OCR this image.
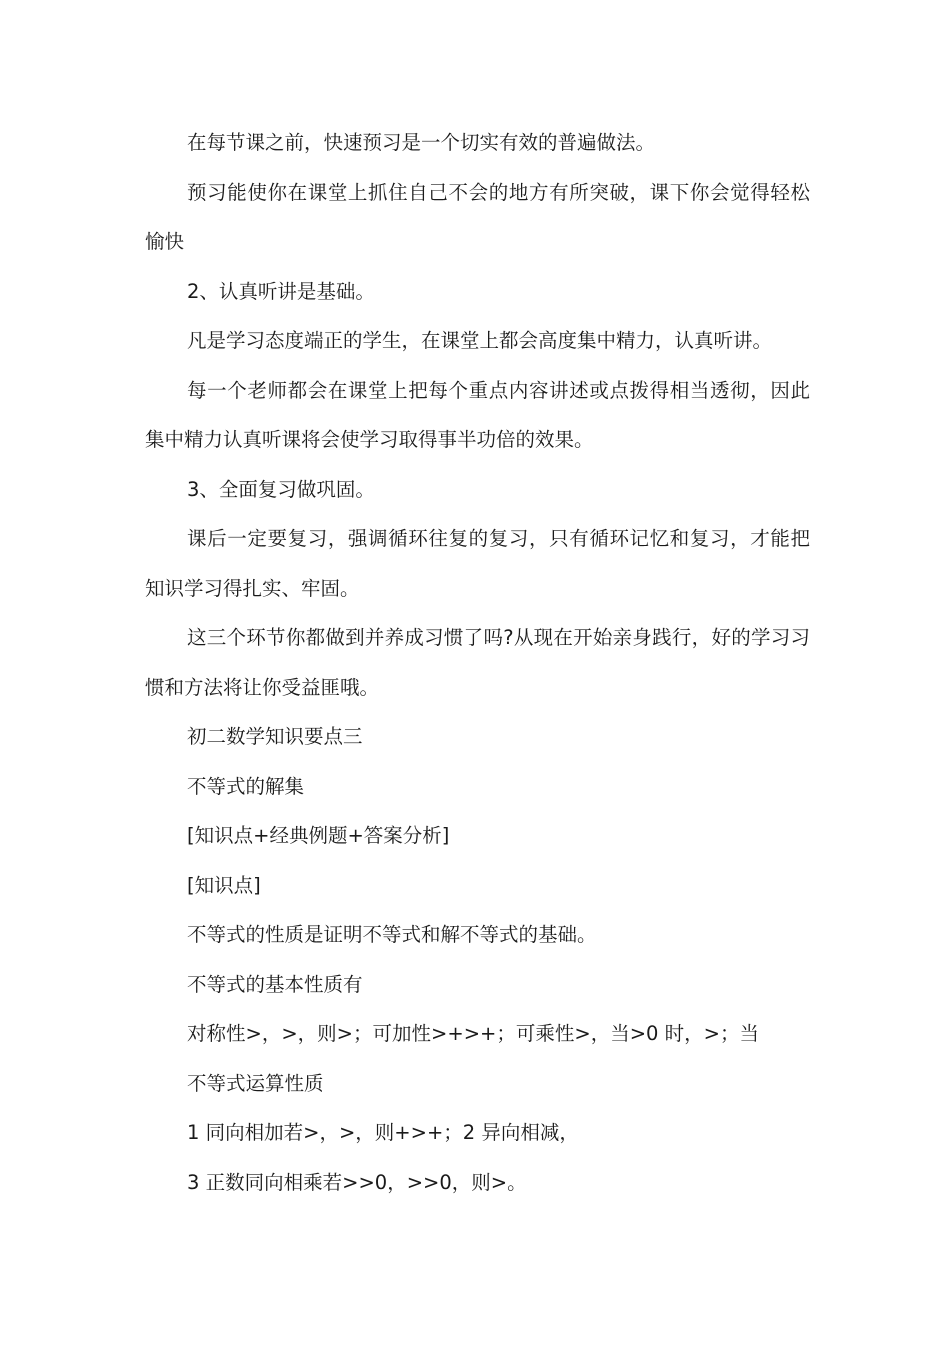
在每节课之前，快速预习是一个切实有效的普遍做法。

预习能使你在课堂上抓住自己不会的地方有所突破，课下你会觉得轻松愉快

2、认真听讲是基础。

凡是学习态度端正的学生，在课堂上都会高度集中精力，认真听讲。

每一个老师都会在课堂上把每个重点内容讲述或点拨得相当透彻，因此集中精力认真听课将会使学习取得事半功倍的效果。

3、全面复习做巩固。

课后一定要复习，强调循环往复的复习，只有循环记忆和复习，才能把知识学习得扎实、牢固。

这三个环节你都做到并养成习惯了吗?从现在开始亲身践行，好的学习习惯和方法将让你受益匪哦。

初二数学知识要点三

不等式的解集

[知识点+经典例题+答案分析]

[知识点]

不等式的性质是证明不等式和解不等式的基础。

不等式的基本性质有

对称性>，>，则>；可加性>+>+；可乘性>，当>0 时，>；当

不等式运算性质

1 同向相加若>，>，则+>+；2 异向相减，

3 正数同向相乘若>>0，>>0，则>。
